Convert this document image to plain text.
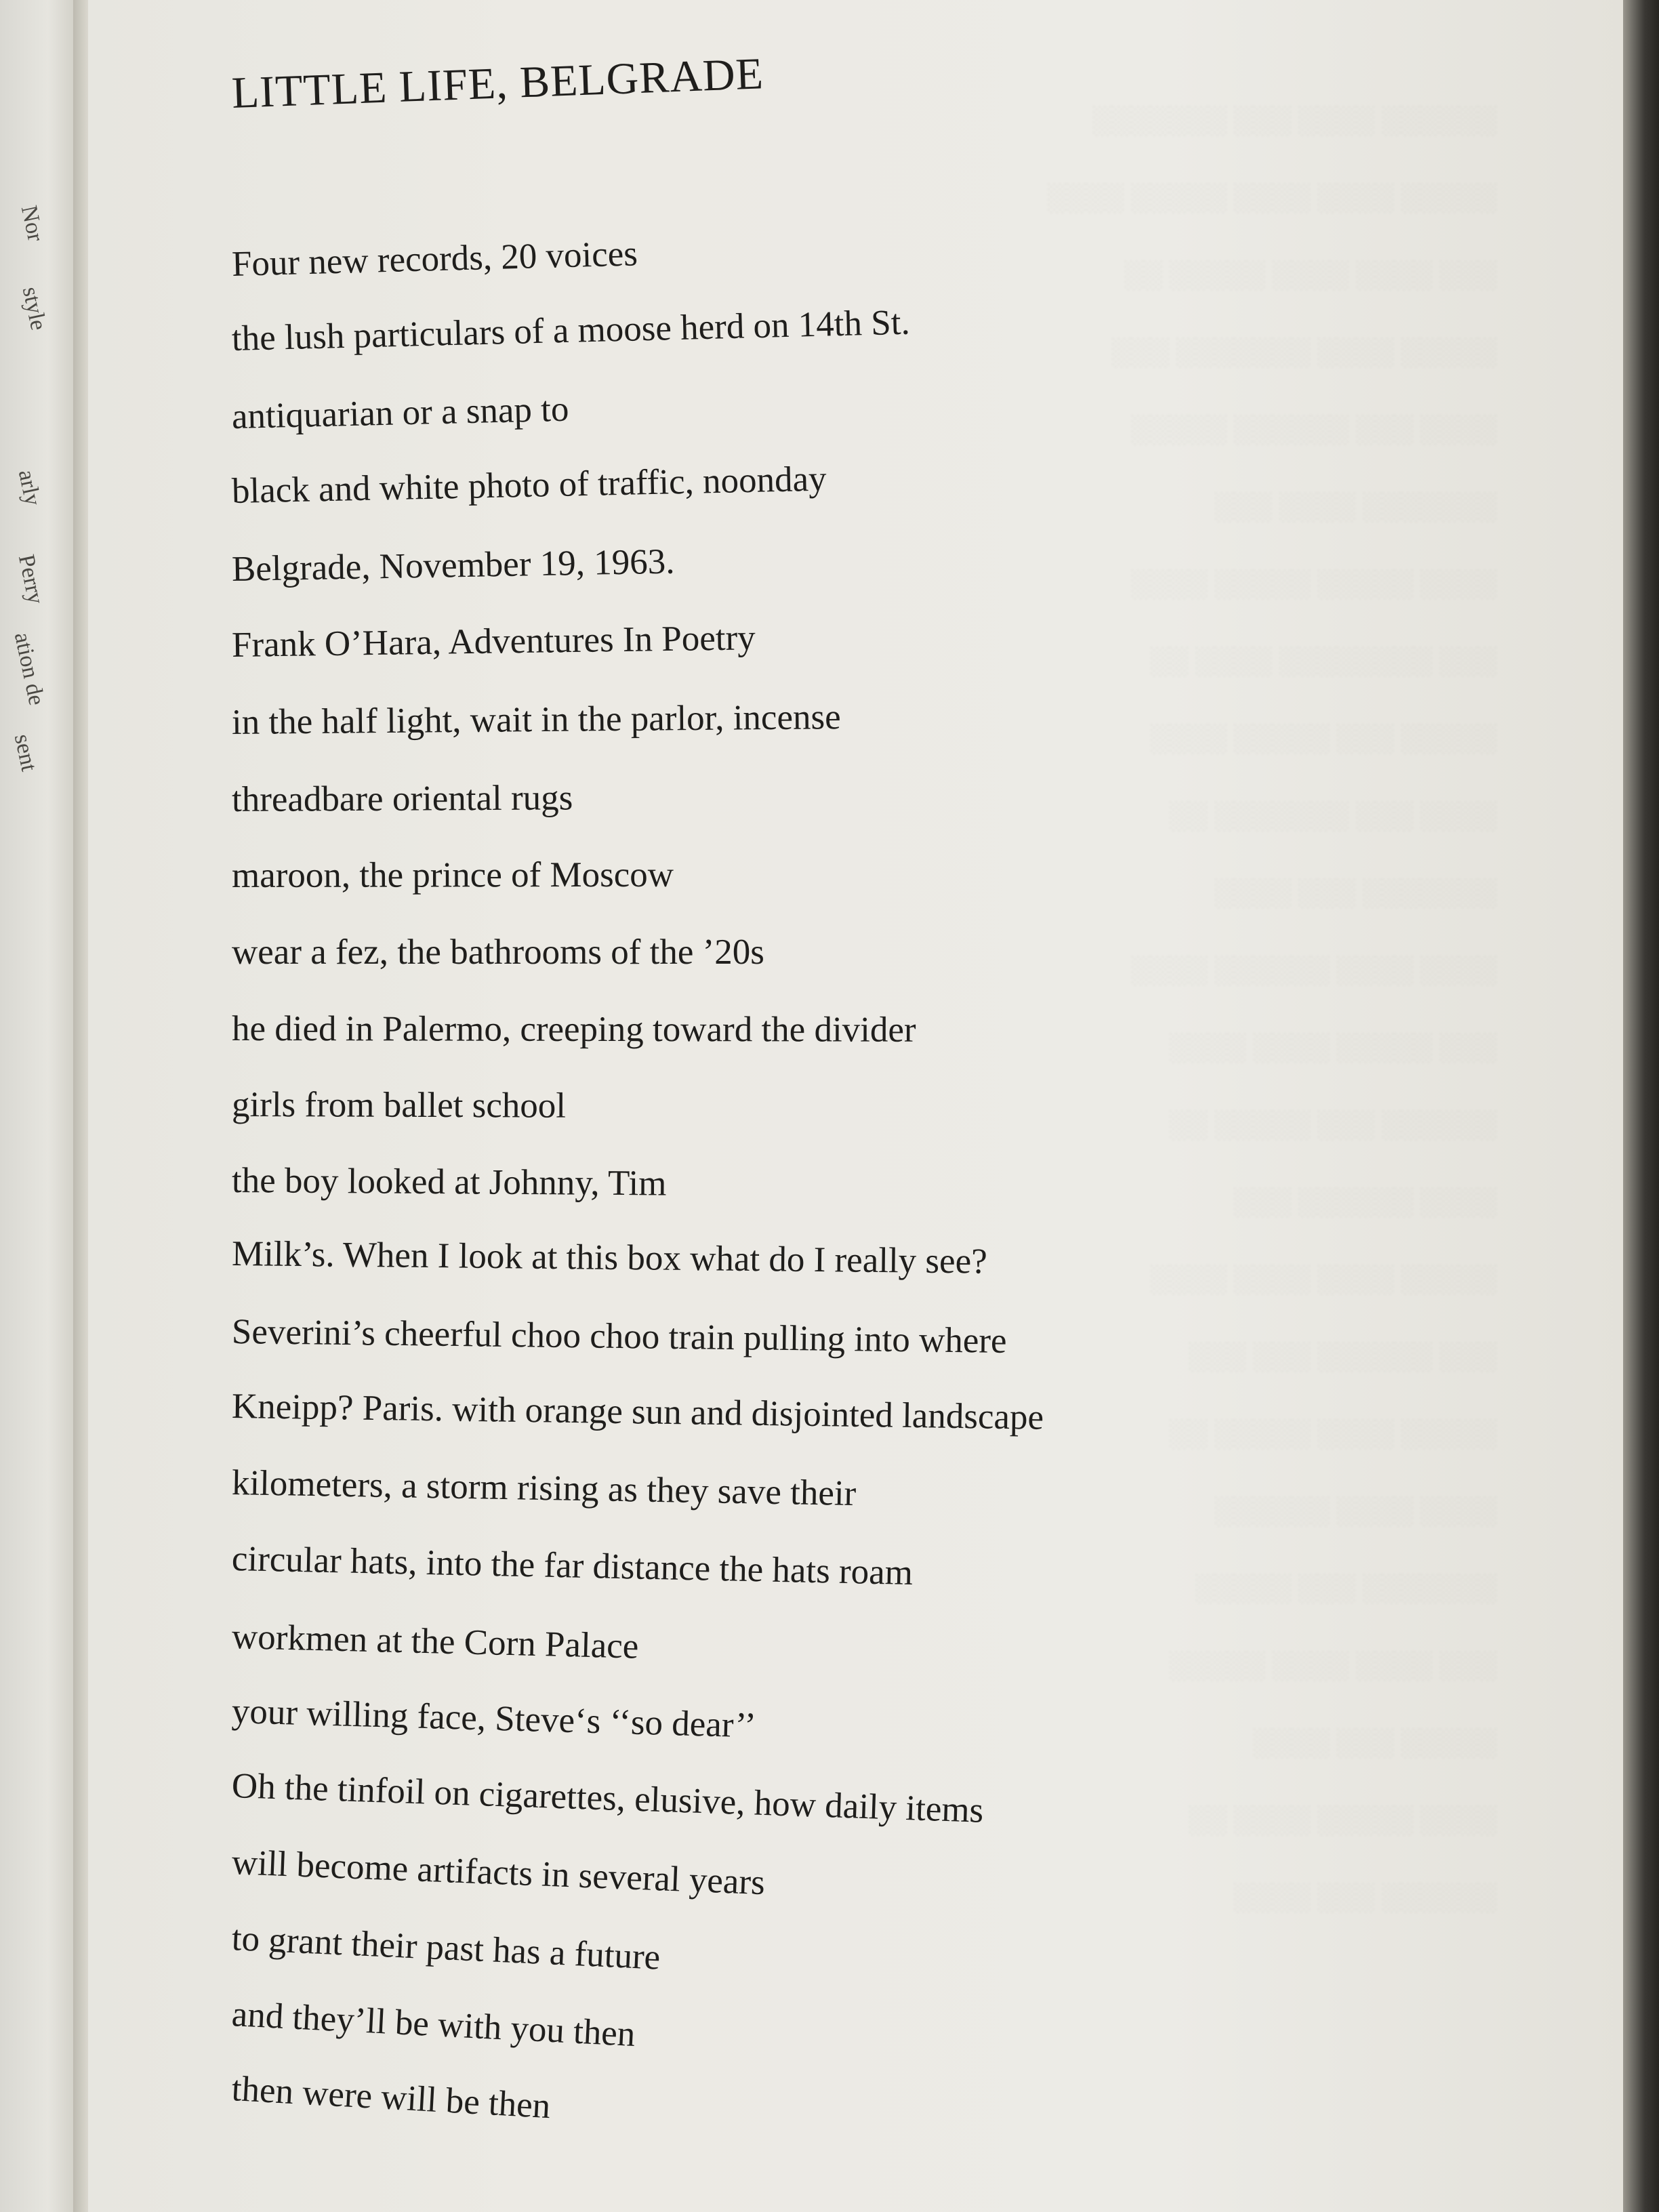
Nor
style
arly
Perry
ation de
sent
░░░░░░ ░░░░ ░░░ ░░░░░░░
░░░░░ ░░░░ ░░░░ ░░░░░ ░░░░
░░░ ░░░░ ░░░░ ░░░░░ ░░
░░░░░ ░░░░ ░░░░░░░ ░░░
░░░░ ░░░ ░░░░░░ ░░░░░
░░░░░░░ ░░░░ ░░░
░░░░ ░░░░░ ░░░░░ ░░░░
░░░ ░░░░░░░░ ░░░░ ░░
░░░░░ ░░░ ░░░░░ ░░░░
░░░░ ░░░ ░░░░░░░ ░░
░░░░░░░ ░░░ ░░░░
░░░░ ░░░░ ░░░░░░ ░░░░
░░░ ░░░░░ ░░░░ ░░░░
░░░░░░ ░░░ ░░░░░ ░░
░░░░ ░░░░░░ ░░░
░░░░░ ░░░░ ░░░░ ░░░░
░░░ ░░░░░░ ░░░ ░░░
░░░░░ ░░░░ ░░░░░ ░░
░░░░ ░░░░ ░░░░░░
░░░░░░░ ░░░ ░░░░░
░░░ ░░░░ ░░░░ ░░░░░
░░░░░ ░░░ ░░░░
░░░░ ░░░░░ ░░░░ ░░
░░░░░░ ░░░ ░░░░
LITTLE LIFE, BELGRADE
Four new records, 20 voices
the lush particulars of a moose herd on 14th St.
antiquarian or a snap to
black and white photo of traffic, noonday
Belgrade, November 19, 1963.
Frank O’Hara, Adventures In Poetry
in the half light, wait in the parlor, incense
threadbare oriental rugs
maroon, the prince of Moscow
wear a fez, the bathrooms of the ’20s
he died in Palermo, creeping toward the divider
girls from ballet school
the boy looked at Johnny, Tim
Milk’s. When I look at this box what do I really see?
Severini’s cheerful choo choo train pulling into where
Kneipp? Paris. with orange sun and disjointed landscape
kilometers, a storm rising as they save their
circular hats, into the far distance the hats roam
workmen at the Corn Palace
your willing face, Steve‘s ‘‘so dear’’
Oh the tinfoil on cigarettes, elusive, how daily items
will become artifacts in several years
to grant their past has a future
and they’ll be with you then
then were will be then
